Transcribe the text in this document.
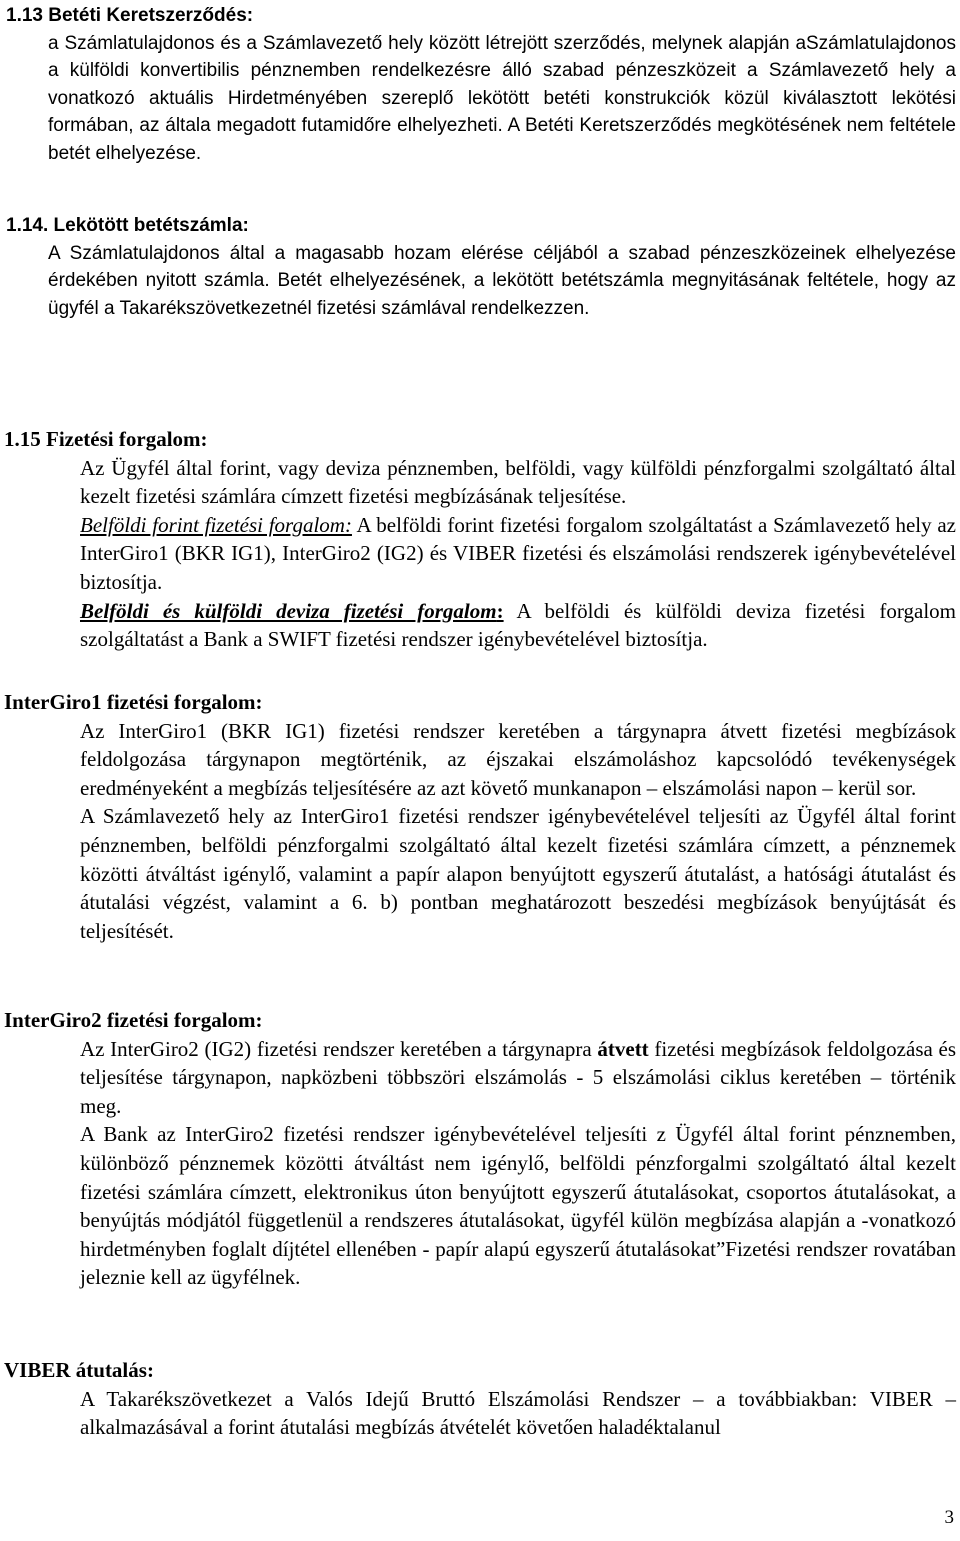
1.13 Betéti Keretszerződés:

a Számlatulajdonos és a Számlavezető hely között létrejött szerződés, melynek alapján aSzámlatulajdonos a külföldi konvertibilis pénznemben rendelkezésre álló szabad pénzeszközeit a Számlavezető hely a vonatkozó aktuális Hirdetményében szereplő lekötött betéti konstrukciók közül kiválasztott lekötési formában, az általa megadott futamidőre elhelyezheti. A Betéti Keretszerződés megkötésének nem feltétele betét elhelyezése.

1.14. Lekötött betétszámla:

A Számlatulajdonos által a magasabb hozam elérése céljából a szabad pénzeszközeinek elhelyezése érdekében nyitott számla. Betét elhelyezésének, a lekötött betétszámla megnyitásának feltétele, hogy az ügyfél a Takarékszövetkezetnél fizetési számlával rendelkezzen.

1.15 Fizetési forgalom:

Az Ügyfél által forint, vagy deviza pénznemben, belföldi, vagy külföldi pénzforgalmi szolgáltató által kezelt fizetési számlára címzett fizetési megbízásának teljesítése.

Belföldi forint fizetési forgalom: A belföldi forint fizetési forgalom szolgáltatást a Számlavezető hely az InterGiro1 (BKR IG1), InterGiro2 (IG2) és VIBER fizetési és elszámolási rendszerek igénybevételével biztosítja.

Belföldi és külföldi deviza fizetési forgalom: A belföldi és külföldi deviza fizetési forgalom szolgáltatást a Bank a SWIFT fizetési rendszer igénybevételével biztosítja.

InterGiro1 fizetési forgalom:

Az InterGiro1 (BKR IG1) fizetési rendszer keretében a tárgynapra átvett fizetési megbízások feldolgozása tárgynapon megtörténik, az éjszakai elszámoláshoz kapcsolódó tevékenységek eredményeként a megbízás teljesítésére az azt követő munkanapon – elszámolási napon – kerül sor.

A Számlavezető hely az InterGiro1 fizetési rendszer igénybevételével teljesíti az Ügyfél által forint pénznemben, belföldi pénzforgalmi szolgáltató által kezelt fizetési számlára címzett, a pénznemek közötti átváltást igénylő, valamint a papír alapon benyújtott egyszerű átutalást, a hatósági átutalást és átutalási végzést, valamint a 6. b) pontban meghatározott beszedési megbízások benyújtását és teljesítését.

InterGiro2 fizetési forgalom:

Az InterGiro2 (IG2) fizetési rendszer keretében a tárgynapra átvett fizetési megbízások feldolgozása és teljesítése tárgynapon, napközbeni többszöri elszámolás - 5 elszámolási ciklus keretében – történik meg.

A Bank az InterGiro2 fizetési rendszer igénybevételével teljesíti z Ügyfél által forint pénznemben, különböző pénznemek közötti átváltást nem igénylő, belföldi pénzforgalmi szolgáltató által kezelt fizetési számlára címzett, elektronikus úton benyújtott egyszerű átutalásokat, csoportos átutalásokat, a benyújtás módjától függetlenül a rendszeres átutalásokat, ügyfél külön megbízása alapján a -vonatkozó hirdetményben foglalt díjtétel ellenében - papír alapú egyszerű átutalásokat”Fizetési rendszer rovatában jeleznie kell az ügyfélnek.

VIBER átutalás:

A Takarékszövetkezet a Valós Idejű Bruttó Elszámolási Rendszer – a továbbiakban: VIBER – alkalmazásával a forint átutalási megbízás átvételét követően haladéktalanul

3
